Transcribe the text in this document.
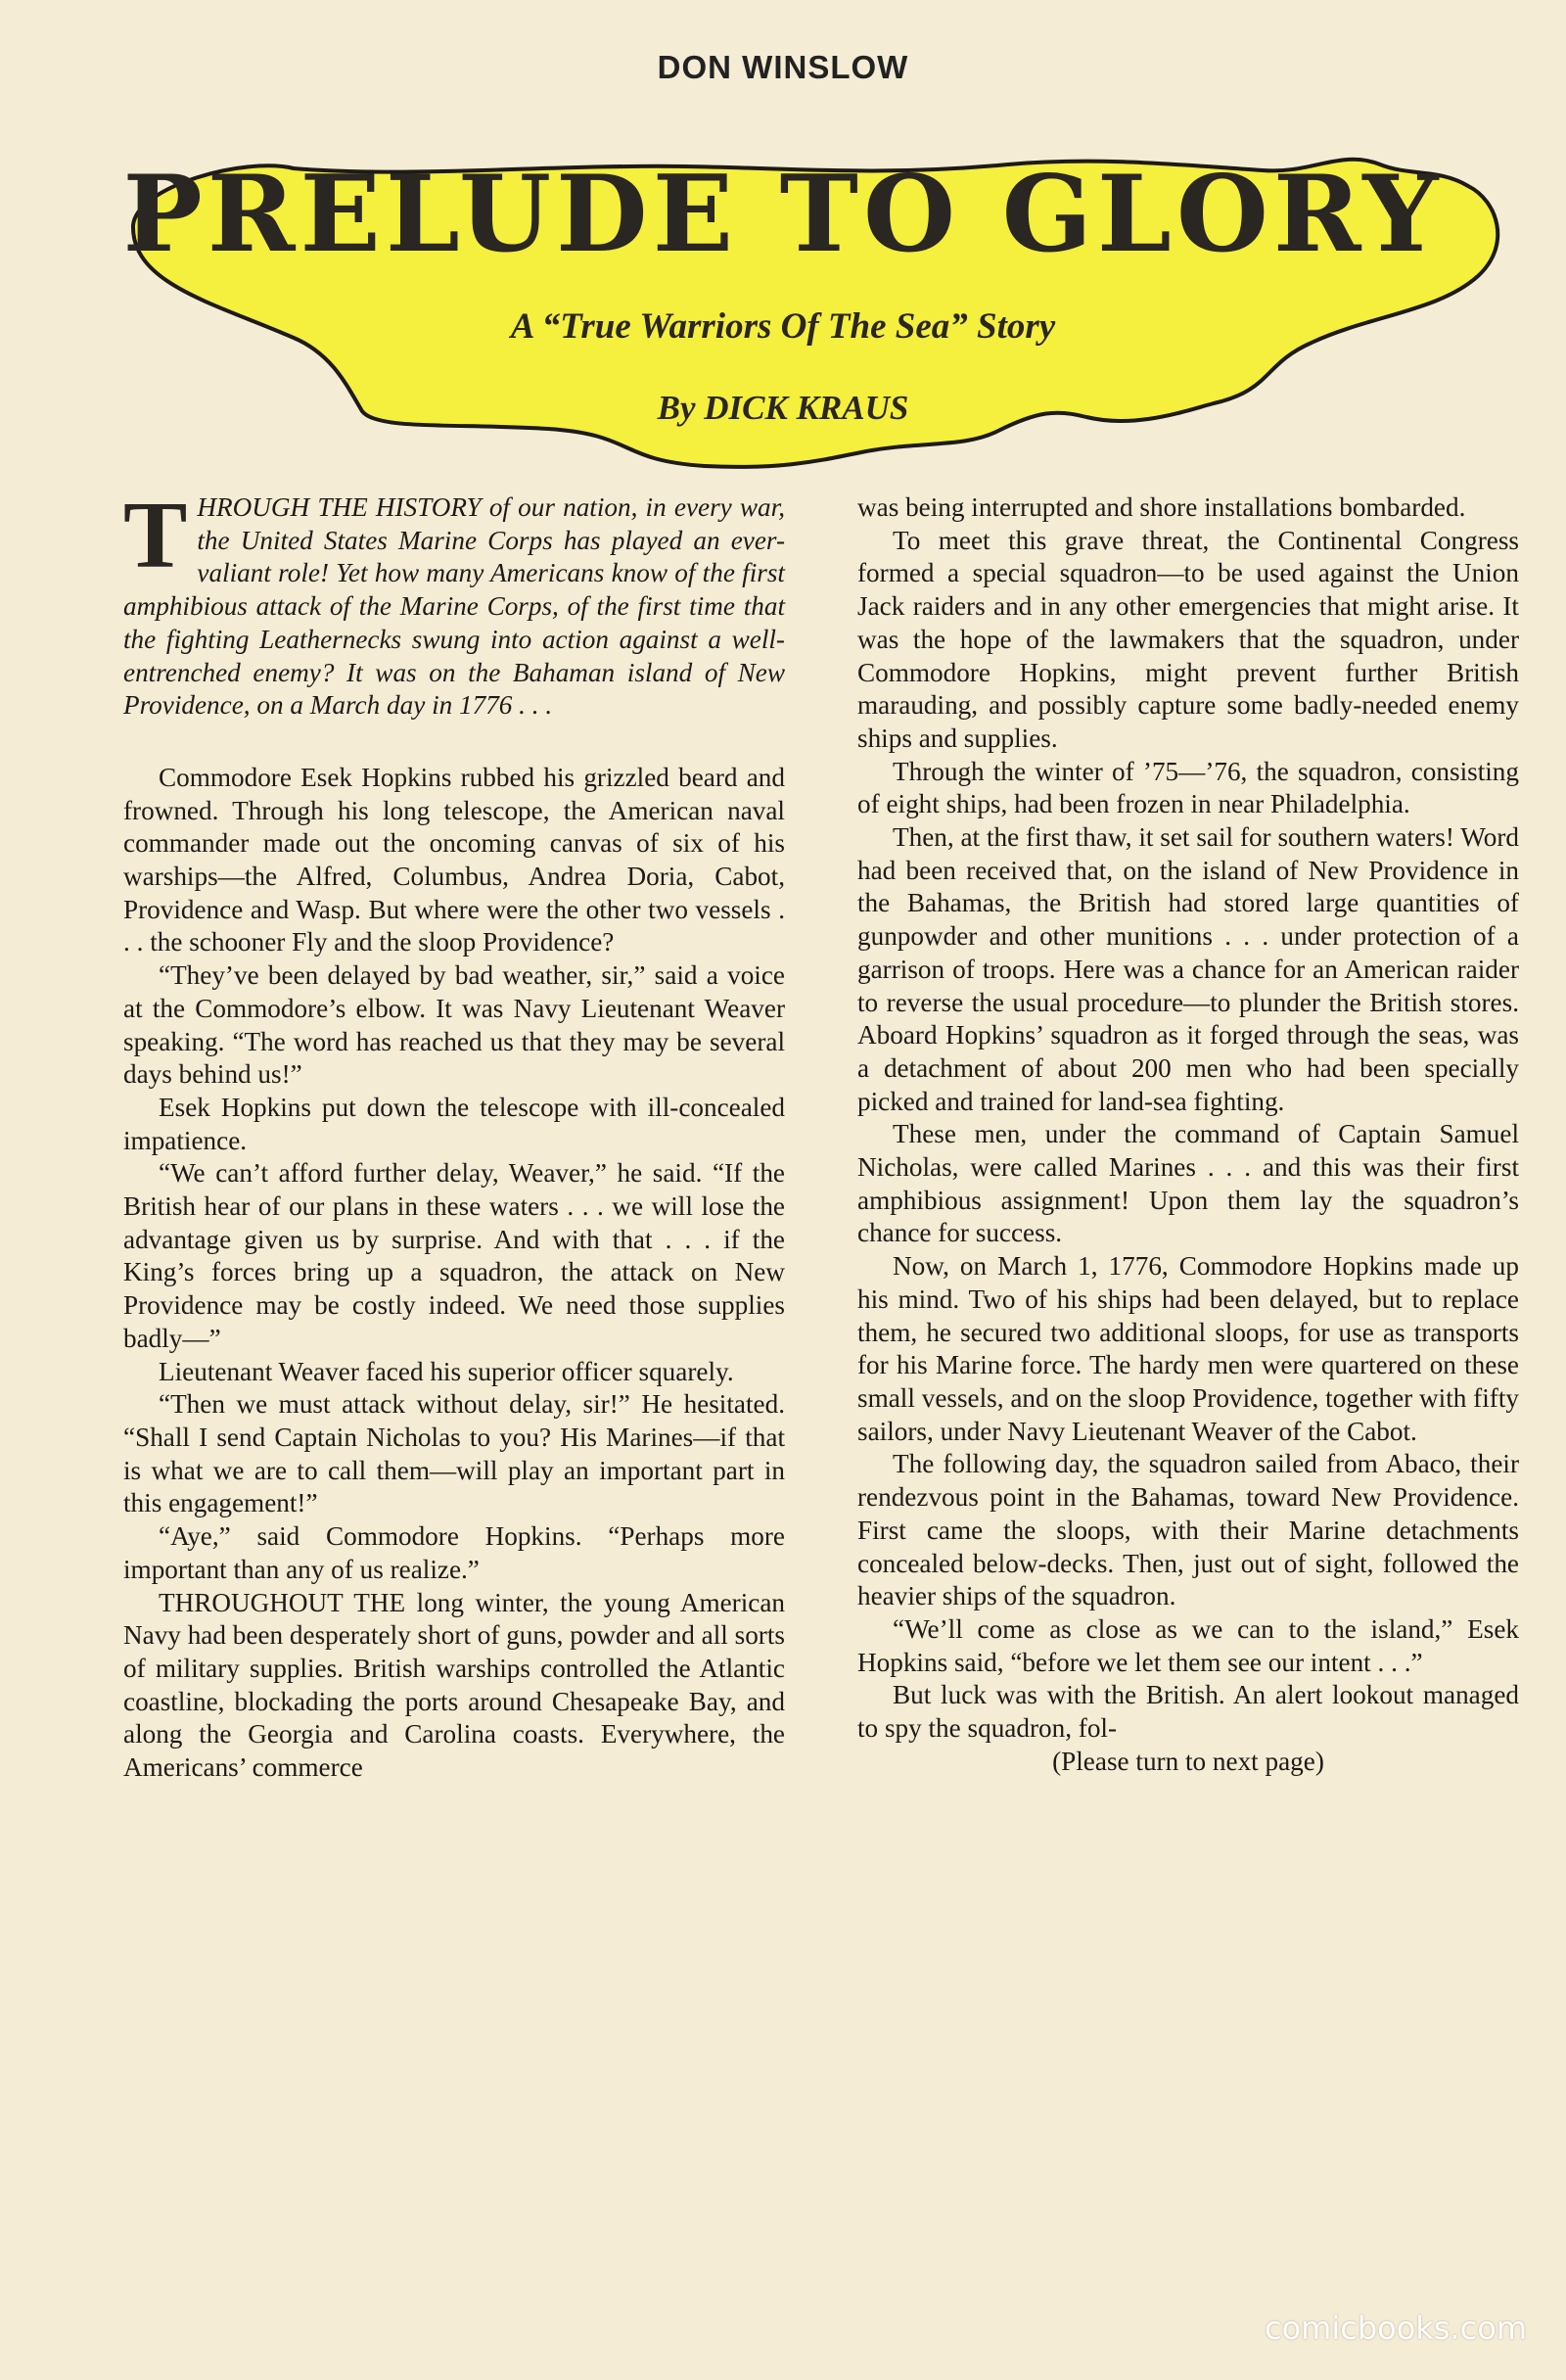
DON WINSLOW
PRELUDE TO GLORY
A “True Warriors Of The Sea” Story
By DICK KRAUS

THROUGH THE HISTORY of our nation, in every war, the United States Marine Corps has played an ever-valiant role! Yet how many Americans know of the first amphibious attack of the Marine Corps, of the first time that the fighting Leathernecks swung into action against a well-entrenched enemy? It was on the Bahaman island of New Providence, on a March day in 1776 . . .

Commodore Esek Hopkins rubbed his grizzled beard and frowned. Through his long telescope, the American naval commander made out the oncoming canvas of six of his warships—the Alfred, Columbus, Andrea Doria, Cabot, Providence and Wasp. But where were the other two vessels . . . the schooner Fly and the sloop Providence?

“They’ve been delayed by bad weather, sir,” said a voice at the Commodore’s elbow. It was Navy Lieutenant Weaver speaking. “The word has reached us that they may be several days behind us!”

Esek Hopkins put down the telescope with ill-concealed impatience.

“We can’t afford further delay, Weaver,” he said. “If the British hear of our plans in these waters . . . we will lose the advantage given us by surprise. And with that . . . if the King’s forces bring up a squadron, the attack on New Providence may be costly indeed. We need those supplies badly—”

Lieutenant Weaver faced his superior officer squarely.

“Then we must attack without delay, sir!” He hesitated. “Shall I send Captain Nicholas to you? His Marines—if that is what we are to call them—will play an important part in this engagement!”

“Aye,” said Commodore Hopkins. “Perhaps more important than any of us realize.”

THROUGHOUT THE long winter, the young American Navy had been desperately short of guns, powder and all sorts of military supplies. British warships controlled the Atlantic coastline, blockading the ports around Chesapeake Bay, and along the Georgia and Carolina coasts. Everywhere, the Americans’ commerce

was being interrupted and shore installations bombarded.

To meet this grave threat, the Continental Congress formed a special squadron—to be used against the Union Jack raiders and in any other emergencies that might arise. It was the hope of the lawmakers that the squadron, under Commodore Hopkins, might prevent further British marauding, and possibly capture some badly-needed enemy ships and supplies.

Through the winter of ’75—’76, the squadron, consisting of eight ships, had been frozen in near Philadelphia.

Then, at the first thaw, it set sail for southern waters! Word had been received that, on the island of New Providence in the Bahamas, the British had stored large quantities of gunpowder and other munitions . . . under protection of a garrison of troops. Here was a chance for an American raider to reverse the usual procedure—to plunder the British stores. Aboard Hopkins’ squadron as it forged through the seas, was a detachment of about 200 men who had been specially picked and trained for land-sea fighting.

These men, under the command of Captain Samuel Nicholas, were called Marines . . . and this was their first amphibious assignment! Upon them lay the squadron’s chance for success.

Now, on March 1, 1776, Commodore Hopkins made up his mind. Two of his ships had been delayed, but to replace them, he secured two additional sloops, for use as transports for his Marine force. The hardy men were quartered on these small vessels, and on the sloop Providence, together with fifty sailors, under Navy Lieutenant Weaver of the Cabot.

The following day, the squadron sailed from Abaco, their rendezvous point in the Bahamas, toward New Providence. First came the sloops, with their Marine detachments concealed below-decks. Then, just out of sight, followed the heavier ships of the squadron.

“We’ll come as close as we can to the island,” Esek Hopkins said, “before we let them see our intent . . .”

But luck was with the British. An alert lookout managed to spy the squadron, fol-

(Please turn to next page)

comicbooks.com
